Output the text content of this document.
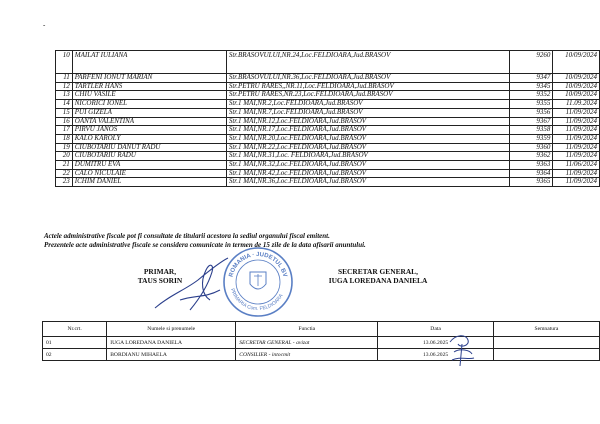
-
10	MAILAT IULIANA	Str.BRASOVULUI,NR.24,Loc.FELDIOARA,Jud.BRASOV	9260	10/09/2024
11	PARFENI IONUT MARIAN	Str.BRASOVULUI,NR.36,Loc.FELDIOARA,Jud.BRASOV	9347	10/09/2024
12	TARTLER HANS	Str.PETRU RARES,,NR.11,Loc.FELDIOARA,Jud.BRASOV	9345	10/09/2024
13	CHIU VASILE	Str.PETRU RARES,NR.23,Loc.FELDIOARA,Jud.BRASOV	9352	10/09/2024
14	NICORICI IONEL	Str.1 MAI,NR.2,Loc.FELDIOARA,Jud.BRASOV	9355	11.09.2024
15	PUI GIZELA	Str.1 MAI,NR.7,Loc.FELDIOARA,Jud.BRASOV	9356	11/09/2024
16	OANTA VALENTINA	Str.1 MAI,NR.12,Loc.FELDIOARA,Jud.BRASOV	9367	11/09/2024
17	PIRVU JANOS	Str.1 MAI,NR.17,Loc.FELDIOARA,Jud.BRASOV	9358	11/09/2024
18	KALO KAROLY	Str.1 MAI,NR.20,Loc.FELDIOARA,Jud.BRASOV	9359	11/09/2024
19	CIUBOTARIU DANUT RADU	Str.1 MAI,NR.22,Loc.FELDIOARA,Jud.BRASOV	9360	11/09/2024
20	CIUBOTARIU RADU	Str.1 MAI,NR.31,Loc. FELDIOARA,Jud.BRASOV	9362	11/09/2024
21	DUMITRU EVA	Str.1 MAI,NR.32,Loc.FELDIOARA,Jud.BRASOV	9363	11/06/2024
22	CALO NICULAIE	Str.1 MAI,NR.42,Loc.FELDIOARA,Jud.BRASOV	9364	11/09/2024
23	ICHIM DANIEL	Str.1 MAI,NR.36,Loc.FELDIOARA,Jud.BRASOV	9365	11/09/2024
Actele administrative fiscale pot fi consultate de titularii acestora la sediul organului fiscal emitent.
Prezentele acte administrative fiscale se considera comunicate in termen de 15 zile de la data afisarii anuntului.
PRIMAR,
TAUS SORIN
ROMANIA · JUDETUL BV
PRIMARIA Com. FELDIOARA
SECRETAR GENERAL,
IUGA LOREDANA DANIELA
Nr.crt.	Numele si prenumele	Functia	Data	Semnatura
01	IUGA LOREDANA DANIELA	SECRETAR GENERAL - avizat	13.06.2025	
02	BORDIANU MIHAELA	CONSILIER - intocmit	13.06.2025	
